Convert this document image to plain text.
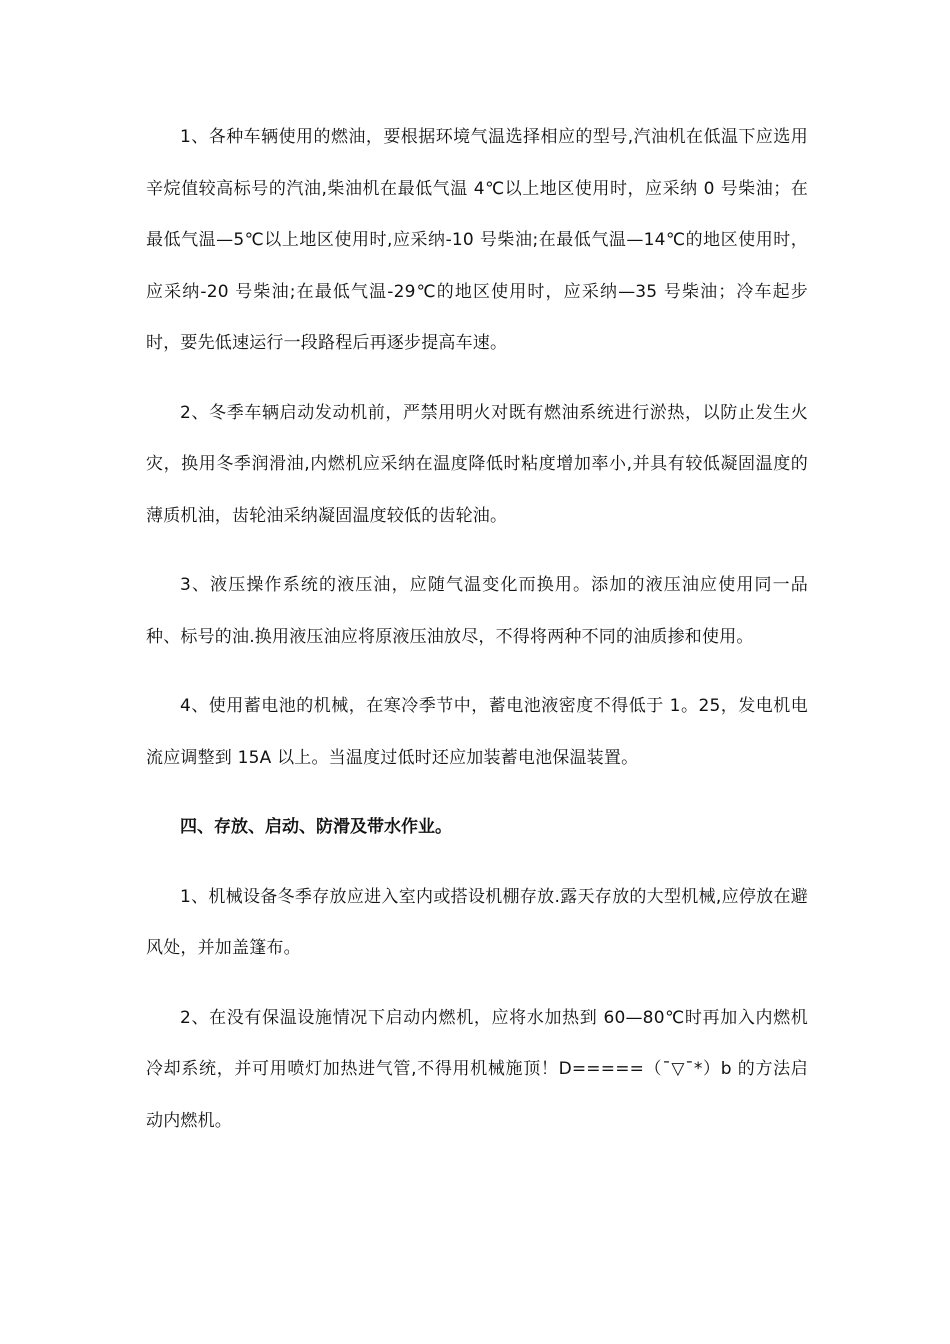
1、各种车辆使用的燃油，要根据环境气温选择相应的型号,汽油机在低温下应选用辛烷值较高标号的汽油,柴油机在最低气温 4℃以上地区使用时，应采纳 0 号柴油；在最低气温—5℃以上地区使用时,应采纳-10 号柴油;在最低气温—14℃的地区使用时，应采纳-20 号柴油;在最低气温-29℃的地区使用时，应采纳—35 号柴油；冷车起步时，要先低速运行一段路程后再逐步提高车速。

2、冬季车辆启动发动机前，严禁用明火对既有燃油系统进行淤热，以防止发生火灾，换用冬季润滑油,内燃机应采纳在温度降低时粘度增加率小,并具有较低凝固温度的薄质机油，齿轮油采纳凝固温度较低的齿轮油。

3、液压操作系统的液压油，应随气温变化而换用。添加的液压油应使用同一品种、标号的油.换用液压油应将原液压油放尽，不得将两种不同的油质掺和使用。

4、使用蓄电池的机械，在寒冷季节中，蓄电池液密度不得低于 1。25，发电机电流应调整到 15A 以上。当温度过低时还应加装蓄电池保温装置。

四、存放、启动、防滑及带水作业。

1、机械设备冬季存放应进入室内或搭设机棚存放.露天存放的大型机械,应停放在避风处，并加盖篷布。

2、在没有保温设施情况下启动内燃机，应将水加热到 60—80℃时再加入内燃机冷却系统，并可用喷灯加热进气管,不得用机械施顶！D=====（¯▽¯*）b 的方法启动内燃机。
